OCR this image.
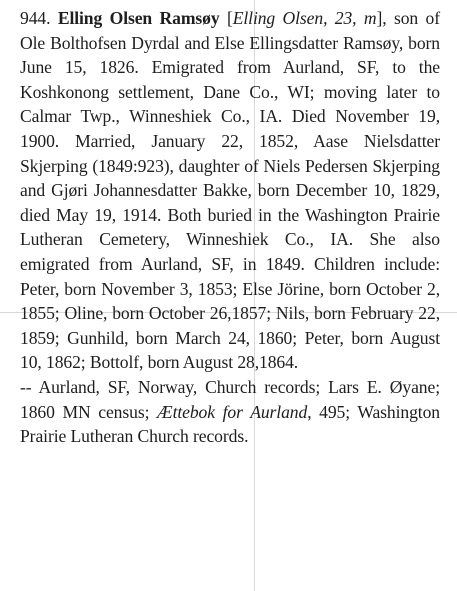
944. Elling Olsen Ramsøy [Elling Olsen, 23, m], son of Ole Bolthofsen Dyrdal and Else Ellingsdatter Ramsøy, born June 15, 1826. Emigrated from Aurland, SF, to the Koshkonong settlement, Dane Co., WI; moving later to Calmar Twp., Winneshiek Co., IA. Died November 19, 1900. Married, January 22, 1852, Aase Nielsdatter Skjerping (1849:923), daughter of Niels Pedersen Skjerping and Gjøri Johannesdatter Bakke, born December 10, 1829, died May 19, 1914. Both buried in the Washington Prairie Lutheran Cemetery, Winneshiek Co., IA. She also emigrated from Aurland, SF, in 1849. Children include: Peter, born November 3, 1853; Else Jörine, born October 2, 1855; Oline, born October 26,1857; Nils, born February 22, 1859; Gunhild, born March 24, 1860; Peter, born August 10, 1862; Bottolf, born August 28,1864.

-- Aurland, SF, Norway, Church records; Lars E. Øyane; 1860 MN census; Ættebok for Aurland, 495; Washington Prairie Lutheran Church records.
